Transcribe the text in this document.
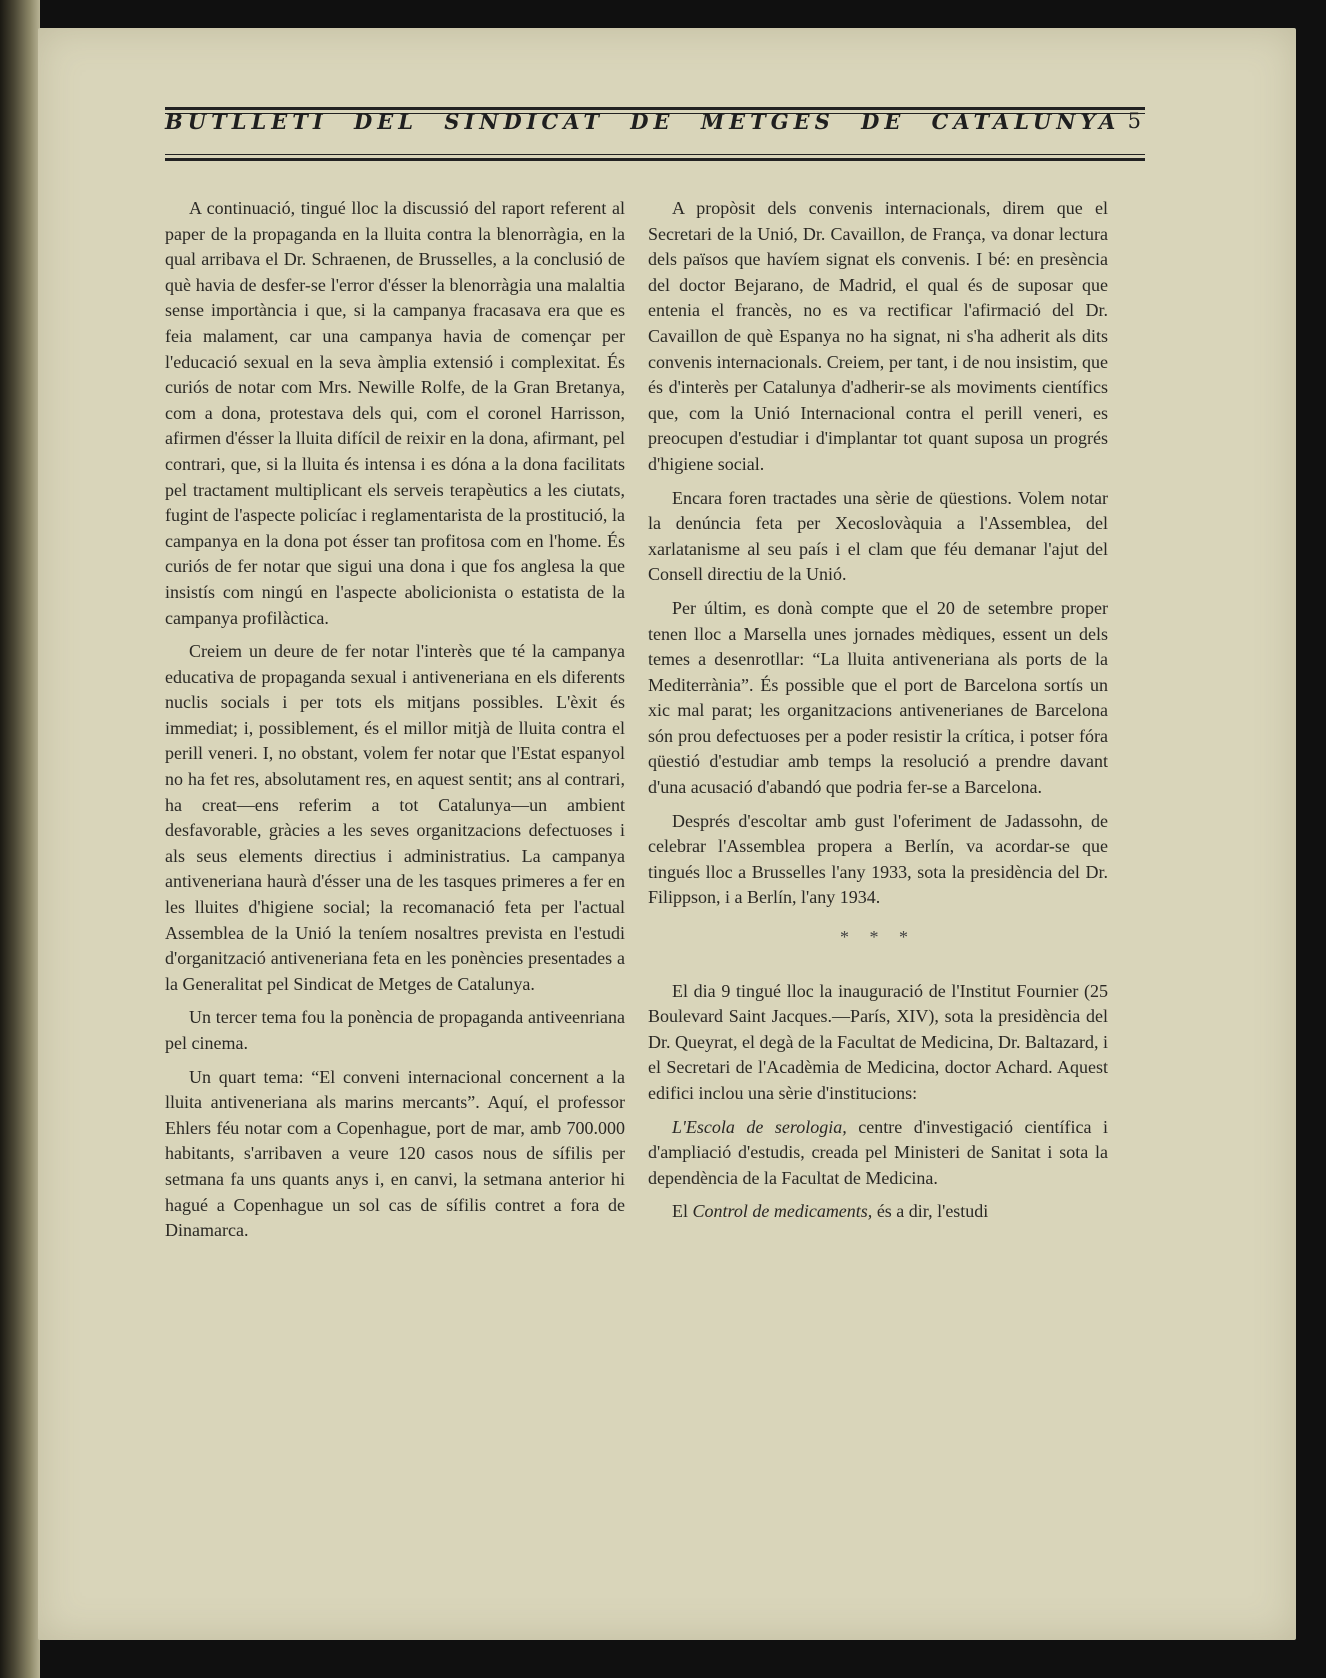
BUTLLETI DEL SINDICAT DE METGES DE CATALUNYA 5

A continuació, tingué lloc la discussió del raport referent al paper de la propaganda en la lluita contra la blenorràgia, en la qual arribava el Dr. Schraenen, de Brusselles, a la conclusió de què havia de desfer-se l'error d'ésser la blenorràgia una malaltia sense importància i que, si la campanya fracasava era que es feia malament, car una campanya havia de començar per l'educació sexual en la seva àmplia extensió i complexitat. És curiós de notar com Mrs. Newille Rolfe, de la Gran Bretanya, com a dona, protestava dels qui, com el coronel Harrisson, afirmen d'ésser la lluita difícil de reixir en la dona, afirmant, pel contrari, que, si la lluita és intensa i es dóna a la dona facilitats pel tractament multiplicant els serveis terapèutics a les ciutats, fugint de l'aspecte policíac i reglamentarista de la prostitució, la campanya en la dona pot ésser tan profitosa com en l'home. És curiós de fer notar que sigui una dona i que fos anglesa la que insistís com ningú en l'aspecte abolicionista o estatista de la campanya profilàctica.

Creiem un deure de fer notar l'interès que té la campanya educativa de propaganda sexual i antiveneriana en els diferents nuclis socials i per tots els mitjans possibles. L'èxit és immediat; i, possiblement, és el millor mitjà de lluita contra el perill veneri. I, no obstant, volem fer notar que l'Estat espanyol no ha fet res, absolutament res, en aquest sentit; ans al contrari, ha creat—ens referim a tot Catalunya—un ambient desfavorable, gràcies a les seves organitzacions defectuoses i als seus elements directius i administratius. La campanya antiveneriana haurà d'ésser una de les tasques primeres a fer en les lluites d'higiene social; la recomanació feta per l'actual Assemblea de la Unió la teníem nosaltres prevista en l'estudi d'organització antiveneriana feta en les ponències presentades a la Generalitat pel Sindicat de Metges de Catalunya.

Un tercer tema fou la ponència de propaganda antiveenriana pel cinema.

Un quart tema: “El conveni internacional concernent a la lluita antiveneriana als marins mercants”. Aquí, el professor Ehlers féu notar com a Copenhague, port de mar, amb 700.000 habitants, s'arribaven a veure 120 casos nous de sífilis per setmana fa uns quants anys i, en canvi, la setmana anterior hi hagué a Copenhague un sol cas de sífilis contret a fora de Dinamarca.

A propòsit dels convenis internacionals, direm que el Secretari de la Unió, Dr. Cavaillon, de França, va donar lectura dels països que havíem signat els convenis. I bé: en presència del doctor Bejarano, de Madrid, el qual és de suposar que entenia el francès, no es va rectificar l'afirmació del Dr. Cavaillon de què Espanya no ha signat, ni s'ha adherit als dits convenis internacionals. Creiem, per tant, i de nou insistim, que és d'interès per Catalunya d'adherir-se als moviments científics que, com la Unió Internacional contra el perill veneri, es preocupen d'estudiar i d'implantar tot quant suposa un progrés d'higiene social.

Encara foren tractades una sèrie de qüestions. Volem notar la denúncia feta per Xecoslovàquia a l'Assemblea, del xarlatanisme al seu país i el clam que féu demanar l'ajut del Consell directiu de la Unió.

Per últim, es donà compte que el 20 de setembre proper tenen lloc a Marsella unes jornades mèdiques, essent un dels temes a desenrotllar: “La lluita antiveneriana als ports de la Mediterrània”. És possible que el port de Barcelona sortís un xic mal parat; les organitzacions antivenerianes de Barcelona són prou defectuoses per a poder resistir la crítica, i potser fóra qüestió d'estudiar amb temps la resolució a prendre davant d'una acusació d'abandó que podria fer-se a Barcelona.

Després d'escoltar amb gust l'oferiment de Jadassohn, de celebrar l'Assemblea propera a Berlín, va acordar-se que tingués lloc a Brusselles l'any 1933, sota la presidència del Dr. Filippson, i a Berlín, l'any 1934.

* * *

El dia 9 tingué lloc la inauguració de l'Institut Fournier (25 Boulevard Saint Jacques.—París, XIV), sota la presidència del Dr. Queyrat, el degà de la Facultat de Medicina, Dr. Baltazard, i el Secretari de l'Acadèmia de Medicina, doctor Achard. Aquest edifici inclou una sèrie d'institucions:

L'Escola de serologia, centre d'investigació científica i d'ampliació d'estudis, creada pel Ministeri de Sanitat i sota la dependència de la Facultat de Medicina.

El Control de medicaments, és a dir, l'estudi
